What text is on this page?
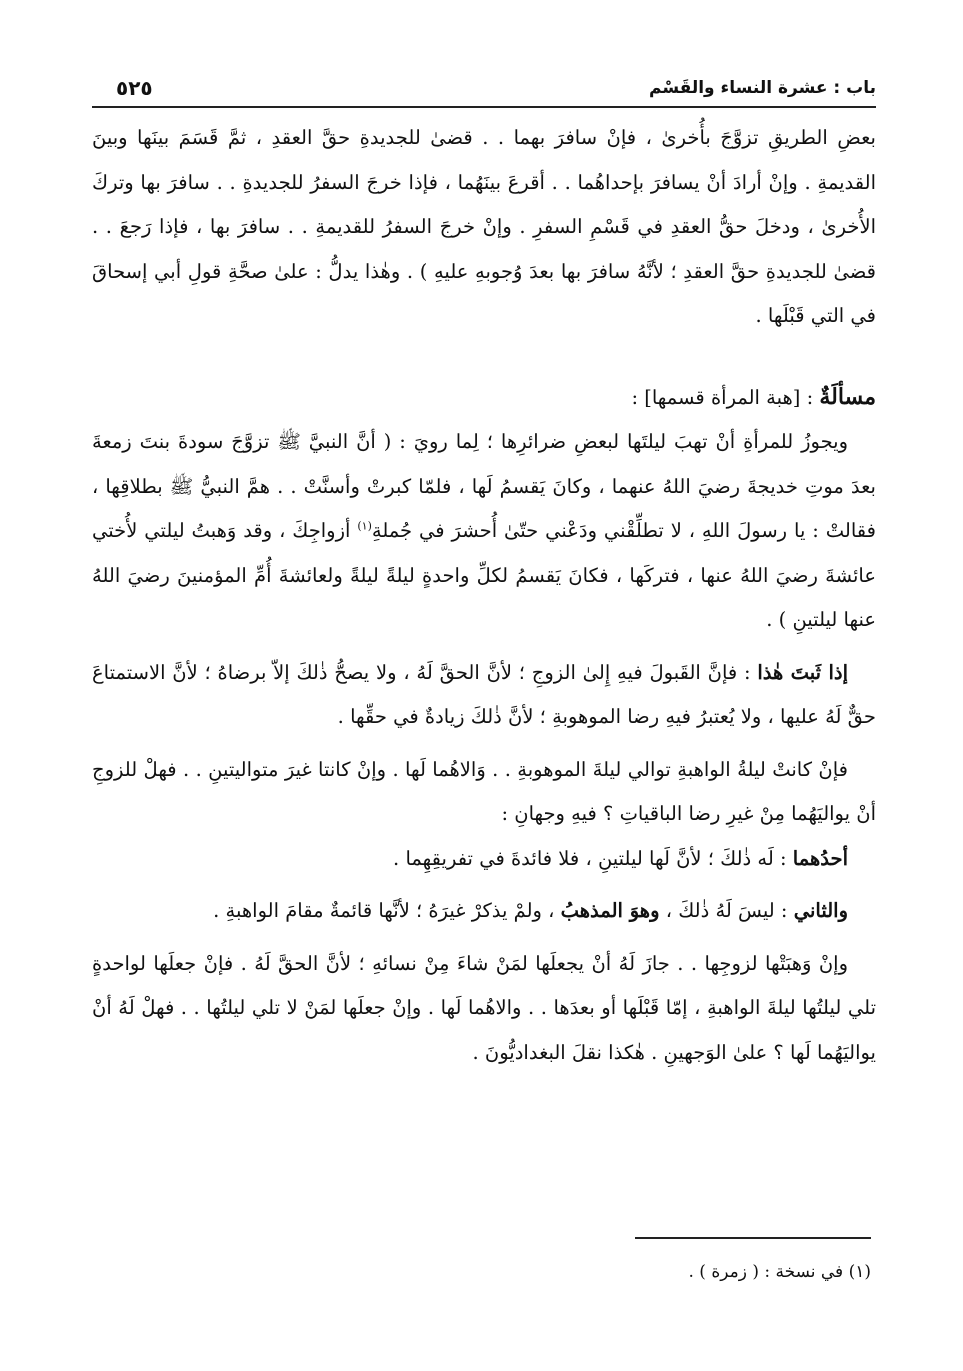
باب : عشرة النساء والقَسْم
٥٢٥

بعضِ الطريقِ تزوَّجَ بأُخرىٰ ، فإنْ سافرَ بهما . . قضىٰ للجديدةِ حقَّ العقدِ ، ثمَّ قَسَمَ بينَها وبينَ القديمةِ . وإنْ أرادَ أنْ يسافرَ بإحداهُما . . أقرعَ بينَهُما ، فإذا خرجَ السفرُ للجديدةِ . . سافرَ بها وتركَ الأُخرىٰ ، ودخلَ حقُّ العقدِ في قَسْمِ السفرِ . وإنْ خرجَ السفرُ للقديمةِ . . سافرَ بها ، فإذا رَجعَ . . قضىٰ للجديدةِ حقَّ العقدِ ؛ لأنَّهُ سافرَ بها بعدَ وُجوبهِ عليهِ ) . وهٰذا يدلُّ : علىٰ صحَّةِ قولِ أبي إسحاقَ في التي قَبْلَها .

مسألَةٌ : [هبة المرأة قسمها] :

ويجوزُ للمرأةِ أنْ تهبَ ليلتَها لبعضِ ضرائرِها ؛ لِما رويَ : ( أنَّ النبيَّ ﷺ تزوَّجَ سودةَ بنتَ زمعةَ بعدَ موتِ خديجةَ رضيَ اللهُ عنهما ، وكانَ يَقسمُ لَها ، فلمّا كبرتْ وأسنَّتْ . . همَّ النبيُّ ﷺ بطلاقِها ، فقالتْ : يا رسولَ اللهِ ، لا تطلِّقْني ودَعْني حتّىٰ أُحشرَ في جُملةِ$^{(١)}$ أزواجِكَ ، وقد وَهبتُ ليلتي لأُختي عائشةَ رضيَ اللهُ عنها ، فتركَها ، فكانَ يَقسمُ لكلِّ واحدةٍ ليلةً ليلةً ولعائشةَ أُمِّ المؤمنينَ رضيَ اللهُ عنها ليلتينِ ) .

إذا ثَبتَ هٰذا : فإنَّ القَبولَ فيهِ إِلىٰ الزوجِ ؛ لأنَّ الحقَّ لَهُ ، ولا يصحُّ ذٰلكَ إلاّ برضاهُ ؛ لأنَّ الاستمتاعَ حقٌّ لَهُ عليها ، ولا يُعتبرُ فيهِ رضا الموهوبةِ ؛ لأنَّ ذٰلكَ زيادةٌ في حقِّها .

فإنْ كانتْ ليلةُ الواهبةِ توالي ليلةَ الموهوبةِ . . وَالاهُما لَها . وإنْ كانتا غيرَ متواليتينِ . . فهلْ للزوجِ أنْ يواليَهُما مِنْ غيرِ رضا الباقياتِ ؟ فيهِ وجهانِ :

أحدُهما : لَه ذٰلكَ ؛ لأنَّ لَها ليلتينِ ، فلا فائدةَ في تفريقِهِما .

والثاني : ليسَ لَهُ ذٰلكَ ، وهوَ المذهبُ ، ولمْ يذكرْ غيرَهُ ؛ لأنَّها قائمةٌ مقامَ الواهبةِ .

وإنْ وَهبَتْها لزوجِها . . جازَ لَهُ أنْ يجعلَها لمَنْ شاءَ مِنْ نسائهِ ؛ لأنَّ الحقَّ لَهُ . فإنْ جعلَها لواحدةٍ تلي ليلتُها ليلةَ الواهبةِ ، إمّا قَبْلَها أو بعدَها . . والاهُما لَها . وإنْ جعلَها لمَنْ لا تلي ليلتُها . . فهلْ لَهُ أنْ يواليَهُما لَها ؟ علىٰ الوَجهينِ . هٰكذا نقلَ البغداديُّونَ .

(١) في نسخة : ( زمرة ) .
